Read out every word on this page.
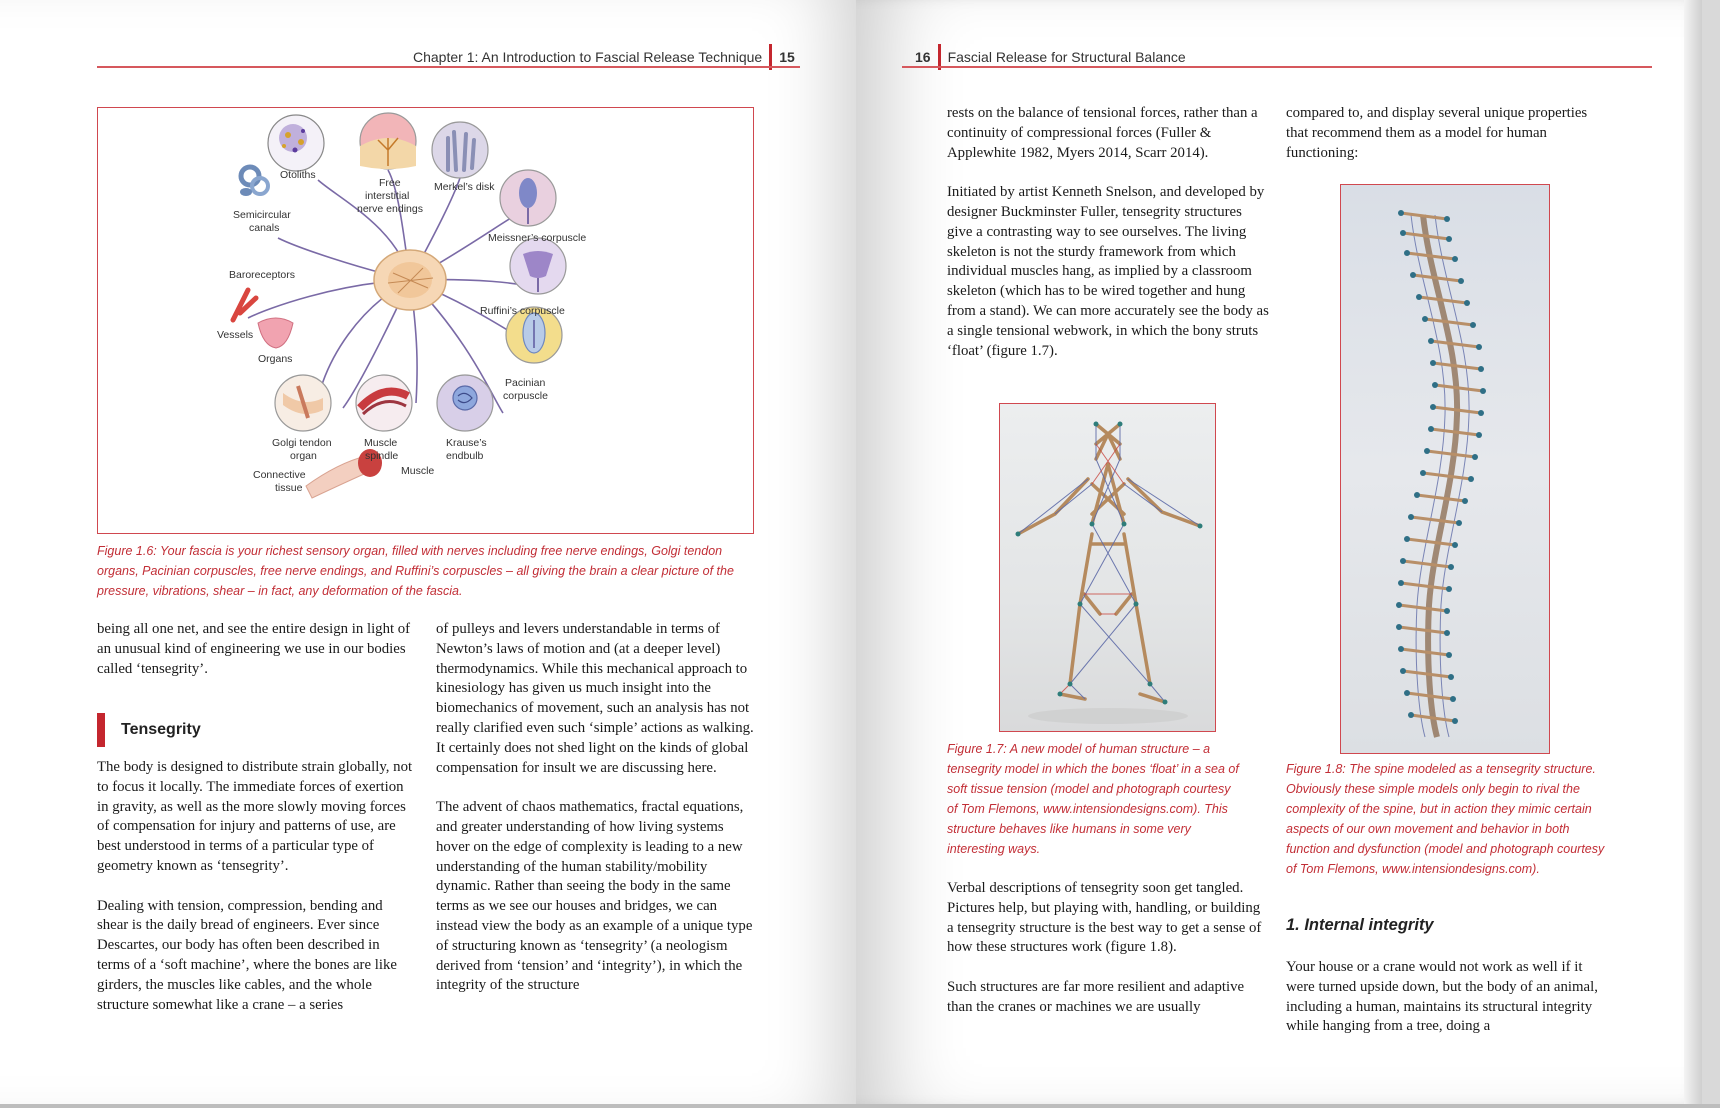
Chapter 1: An Introduction to Fascial Release Technique 15
Otoliths
Free
interstitial
nerve endings
Merkel’s disk
Semicircular
canals
Meissner’s corpuscle
Baroreceptors
Ruffini’s corpuscle
Vessels
Organs
Pacinian
corpuscle
Golgi tendon
organ
Muscle
spindle
Krause’s
endbulb
Connective
tissue
Muscle

Figure 1.6: Your fascia is your richest sensory organ, filled with nerves including free nerve endings, Golgi tendon organs, Pacinian corpuscles, free nerve endings, and Ruffini’s corpuscles – all giving the brain a clear picture of the pressure, vibrations, shear – in fact, any deformation of the fascia.

being all one net, and see the entire design in light of an unusual kind of engineering we use in our bodies called ‘tensegrity’.

Tensegrity

The body is designed to distribute strain globally, not to focus it locally. The immediate forces of exertion in gravity, as well as the more slowly moving forces of compensation for injury and patterns of use, are best understood in terms of a particular type of geometry known as ‘tensegrity’.

Dealing with tension, compression, bending and shear is the daily bread of engineers. Ever since Descartes, our body has often been described in terms of a ‘soft machine’, where the bones are like girders, the muscles like cables, and the whole structure somewhat like a crane – a series

of pulleys and levers understandable in terms of Newton’s laws of motion and (at a deeper level) thermodynamics. While this mechanical approach to kinesiology has given us much insight into the biomechanics of movement, such an analysis has not really clarified even such ‘simple’ actions as walking. It certainly does not shed light on the kinds of global compensation for insult we are discussing here.

The advent of chaos mathematics, fractal equations, and greater understanding of how living systems hover on the edge of complexity is leading to a new understanding of the human stability/mobility dynamic. Rather than seeing the body in the same terms as we see our houses and bridges, we can instead view the body as an example of a unique type of structuring known as ‘tensegrity’ (a neologism derived from ‘tension’ and ‘integrity’), in which the integrity of the structure

16 Fascial Release for Structural Balance

rests on the balance of tensional forces, rather than a continuity of compressional forces (Fuller & Applewhite 1982, Myers 2014, Scarr 2014).

Initiated by artist Kenneth Snelson, and developed by designer Buckminster Fuller, tensegrity structures give a contrasting way to see ourselves. The living skeleton is not the sturdy framework from which individual muscles hang, as implied by a classroom skeleton (which has to be wired together and hung from a stand). We can more accurately see the body as a single tensional webwork, in which the bony struts ‘float’ (figure 1.7).

Figure 1.7: A new model of human structure – a tensegrity model in which the bones ‘float’ in a sea of soft tissue tension (model and photograph courtesy of Tom Flemons, www.intensiondesigns.com). This structure behaves like humans in some very interesting ways.

Verbal descriptions of tensegrity soon get tangled. Pictures help, but playing with, handling, or building a tensegrity structure is the best way to get a sense of how these structures work (figure 1.8).

Such structures are far more resilient and adaptive than the cranes or machines we are usually

compared to, and display several unique properties that recommend them as a model for human functioning:

Figure 1.8: The spine modeled as a tensegrity structure. Obviously these simple models only begin to rival the complexity of the spine, but in action they mimic certain aspects of our own movement and behavior in both function and dysfunction (model and photograph courtesy of Tom Flemons, www.intensiondesigns.com).

1. Internal integrity

Your house or a crane would not work as well if it were turned upside down, but the body of an animal, including a human, maintains its structural integrity while hanging from a tree, doing a
